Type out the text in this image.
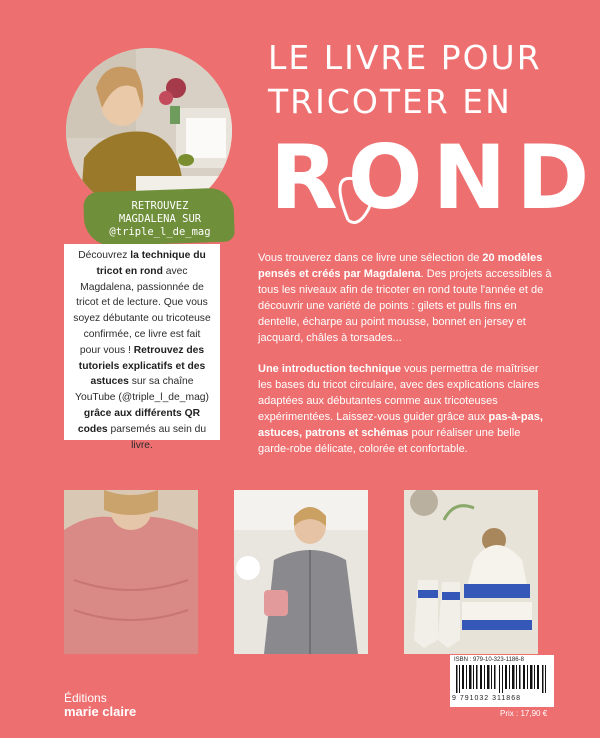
RETROUVEZ
MAGDALENA SUR
@triple_l_de_mag
Découvrez la technique du tricot en rond avec Magdalena, passionnée de tricot et de lecture. Que vous soyez débutante ou tricoteuse confirmée, ce livre est fait pour vous ! Retrouvez des tutoriels explicatifs et des astuces sur sa chaîne YouTube (@triple_l_de_mag) grâce aux différents QR codes parsemés au sein du livre.
LE LIVRE POUR
TRICOTER EN
ROND

Vous trouverez dans ce livre une sélection de 20 modèles pensés et créés par Magdalena. Des projets accessibles à tous les niveaux afin de tricoter en rond toute l'année et de découvrir une variété de points : gilets et pulls fins en dentelle, écharpe au point mousse, bonnet en jersey et jacquard, châles à torsades...

Une introduction technique vous permettra de maîtriser les bases du tricot circulaire, avec des explications claires adaptées aux débutantes comme aux tricoteuses expérimentées. Laissez-vous guider grâce aux pas-à-pas, astuces, patrons et schémas pour réaliser une belle garde-robe délicate, colorée et confortable.

Éditions
marie claire
ISBN : 979-10-323-1186-8
9 791032 311868
Prix : 17,90 €
